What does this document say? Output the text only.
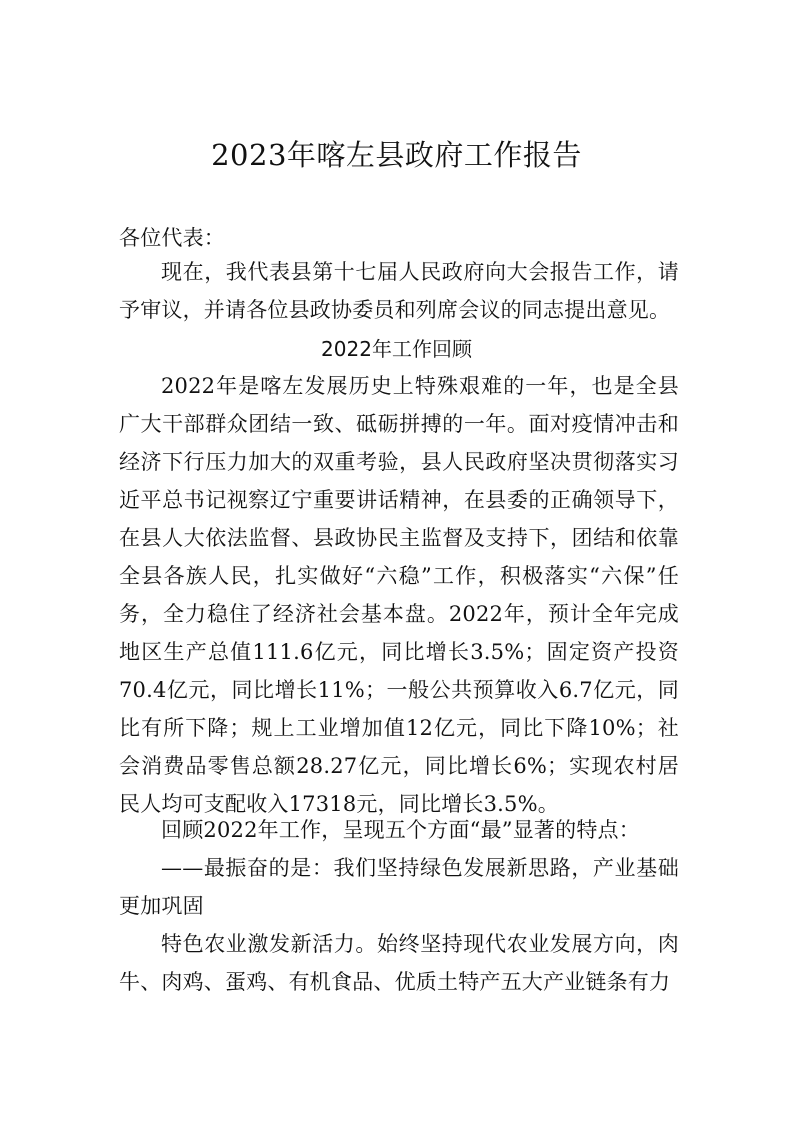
2023年喀左县政府工作报告
各位代表：
现在，我代表县第十七届人民政府向大会报告工作，请予审议，并请各位县政协委员和列席会议的同志提出意见。
2022年工作回顾
2022年是喀左发展历史上特殊艰难的一年，也是全县广大干部群众团结一致、砥砺拼搏的一年。面对疫情冲击和经济下行压力加大的双重考验，县人民政府坚决贯彻落实习近平总书记视察辽宁重要讲话精神，在县委的正确领导下，在县人大依法监督、县政协民主监督及支持下，团结和依靠全县各族人民，扎实做好“六稳”工作，积极落实“六保”任务，全力稳住了经济社会基本盘。2022年，预计全年完成地区生产总值111.6亿元，同比增长3.5%；固定资产投资70.4亿元，同比增长11%；一般公共预算收入6.7亿元，同比有所下降；规上工业增加值12亿元，同比下降10%；社会消费品零售总额28.27亿元，同比增长6%；实现农村居民人均可支配收入17318元，同比增长3.5%。
回顾2022年工作，呈现五个方面“最”显著的特点：
——最振奋的是：我们坚持绿色发展新思路，产业基础更加巩固
特色农业激发新活力。始终坚持现代农业发展方向，肉牛、肉鸡、蛋鸡、有机食品、优质土特产五大产业链条有力
